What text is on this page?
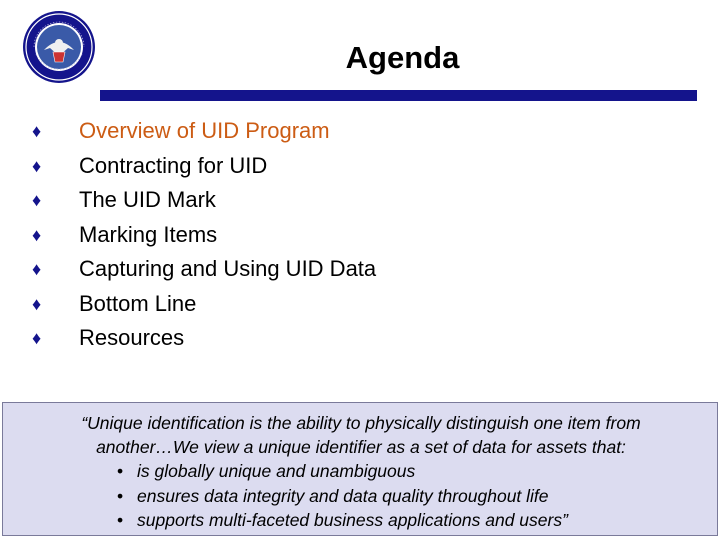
Agenda
♦	Overview of UID Program
♦	Contracting for UID
♦	The UID Mark
♦	Marking Items
♦	Capturing and Using UID Data
♦	Bottom Line
♦	Resources
“Unique identification is the ability to physically distinguish one item from
another…We view a unique identifier as a set of data for assets that:
• is globally unique and unambiguous
• ensures data integrity and data quality throughout life
• supports multi-faceted business applications and users”
